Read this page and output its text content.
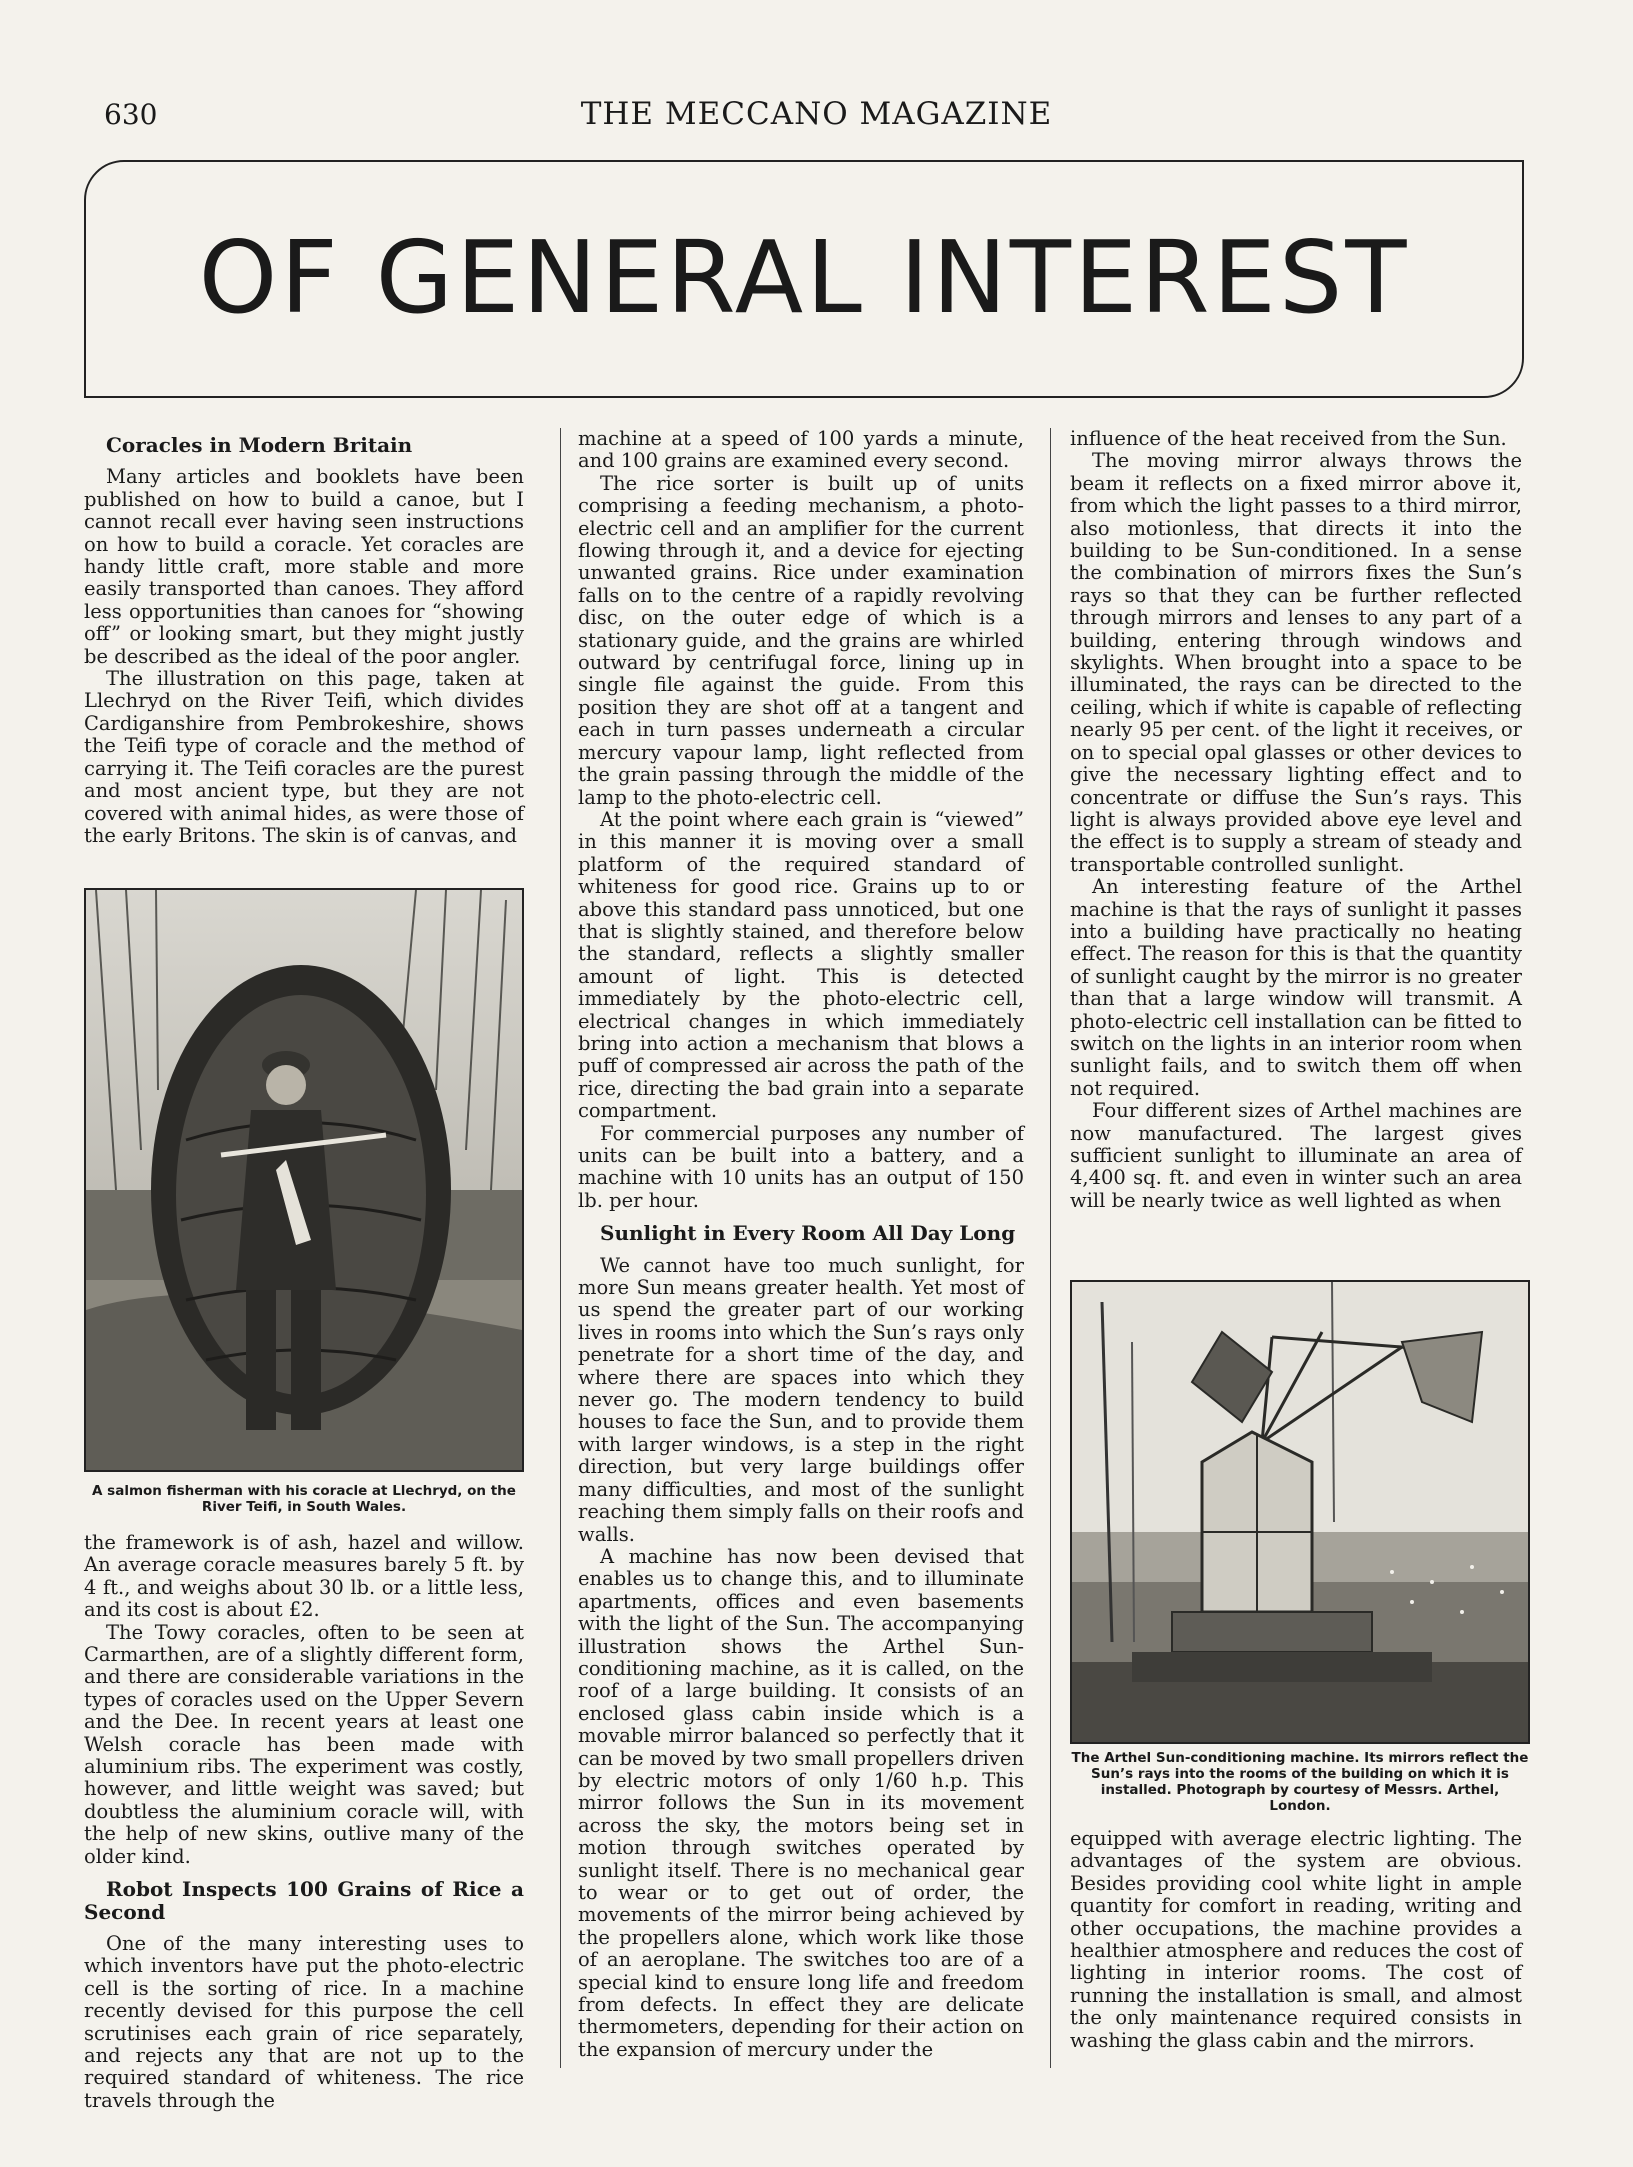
630	THE MECCANO MAGAZINE
OF GENERAL INTEREST

Coracles in Modern Britain

Many articles and booklets have been published on how to build a canoe, but I cannot recall ever having seen instructions on how to build a coracle. Yet coracles are handy little craft, more stable and more easily transported than canoes. They afford less opportunities than canoes for “showing off” or looking smart, but they might justly be described as the ideal of the poor angler.

The illustration on this page, taken at Llechryd on the River Teifi, which divides Cardiganshire from Pembrokeshire, shows the Teifi type of coracle and the method of carrying it. The Teifi coracles are the purest and most ancient type, but they are not covered with animal hides, as were those of the early Britons. The skin is of canvas, and

A salmon fisherman with his coracle at Llechryd, on the River Teifi, in South Wales.

the framework is of ash, hazel and willow. An average coracle measures barely 5 ft. by 4 ft., and weighs about 30 lb. or a little less, and its cost is about £2.

The Towy coracles, often to be seen at Carmarthen, are of a slightly different form, and there are considerable variations in the types of coracles used on the Upper Severn and the Dee. In recent years at least one Welsh coracle has been made with aluminium ribs. The experiment was costly, however, and little weight was saved; but doubtless the aluminium coracle will, with the help of new skins, outlive many of the older kind.

Robot Inspects 100 Grains of Rice a Second

One of the many interesting uses to which inventors have put the photo-electric cell is the sorting of rice. In a machine recently devised for this purpose the cell scrutinises each grain of rice separately, and rejects any that are not up to the required standard of whiteness. The rice travels through the

machine at a speed of 100 yards a minute, and 100 grains are examined every second.

The rice sorter is built up of units comprising a feeding mechanism, a photo-electric cell and an amplifier for the current flowing through it, and a device for ejecting unwanted grains. Rice under examination falls on to the centre of a rapidly revolving disc, on the outer edge of which is a stationary guide, and the grains are whirled outward by centrifugal force, lining up in single file against the guide. From this position they are shot off at a tangent and each in turn passes underneath a circular mercury vapour lamp, light reflected from the grain passing through the middle of the lamp to the photo-electric cell.

At the point where each grain is “viewed” in this manner it is moving over a small platform of the required standard of whiteness for good rice. Grains up to or above this standard pass unnoticed, but one that is slightly stained, and therefore below the standard, reflects a slightly smaller amount of light. This is detected immediately by the photo-electric cell, electrical changes in which immediately bring into action a mechanism that blows a puff of compressed air across the path of the rice, directing the bad grain into a separate compartment.

For commercial purposes any number of units can be built into a battery, and a machine with 10 units has an output of 150 lb. per hour.

Sunlight in Every Room All Day Long

We cannot have too much sunlight, for more Sun means greater health. Yet most of us spend the greater part of our working lives in rooms into which the Sun’s rays only penetrate for a short time of the day, and where there are spaces into which they never go. The modern tendency to build houses to face the Sun, and to provide them with larger windows, is a step in the right direction, but very large buildings offer many difficulties, and most of the sunlight reaching them simply falls on their roofs and walls.

A machine has now been devised that enables us to change this, and to illuminate apartments, offices and even basements with the light of the Sun. The accompanying illustration shows the Arthel Sun-conditioning machine, as it is called, on the roof of a large building. It consists of an enclosed glass cabin inside which is a movable mirror balanced so perfectly that it can be moved by two small propellers driven by electric motors of only 1/60 h.p. This mirror follows the Sun in its movement across the sky, the motors being set in motion through switches operated by sunlight itself. There is no mechanical gear to wear or to get out of order, the movements of the mirror being achieved by the propellers alone, which work like those of an aeroplane. The switches too are of a special kind to ensure long life and freedom from defects. In effect they are delicate thermometers, depending for their action on the expansion of mercury under the

influence of the heat received from the Sun.

The moving mirror always throws the beam it reflects on a fixed mirror above it, from which the light passes to a third mirror, also motionless, that directs it into the building to be Sun-conditioned. In a sense the combination of mirrors fixes the Sun’s rays so that they can be further reflected through mirrors and lenses to any part of a building, entering through windows and skylights. When brought into a space to be illuminated, the rays can be directed to the ceiling, which if white is capable of reflecting nearly 95 per cent. of the light it receives, or on to special opal glasses or other devices to give the necessary lighting effect and to concentrate or diffuse the Sun’s rays. This light is always provided above eye level and the effect is to supply a stream of steady and transportable controlled sunlight.

An interesting feature of the Arthel machine is that the rays of sunlight it passes into a building have practically no heating effect. The reason for this is that the quantity of sunlight caught by the mirror is no greater than that a large window will transmit. A photo-electric cell installation can be fitted to switch on the lights in an interior room when sunlight fails, and to switch them off when not required.

Four different sizes of Arthel machines are now manufactured. The largest gives sufficient sunlight to illuminate an area of 4,400 sq. ft. and even in winter such an area will be nearly twice as well lighted as when

The Arthel Sun-conditioning machine. Its mirrors reflect the Sun’s rays into the rooms of the building on which it is installed. Photograph by courtesy of Messrs. Arthel, London.

equipped with average electric lighting. The advantages of the system are obvious. Besides providing cool white light in ample quantity for comfort in reading, writing and other occupations, the machine provides a healthier atmosphere and reduces the cost of lighting in interior rooms. The cost of running the installation is small, and almost the only maintenance required consists in washing the glass cabin and the mirrors.
